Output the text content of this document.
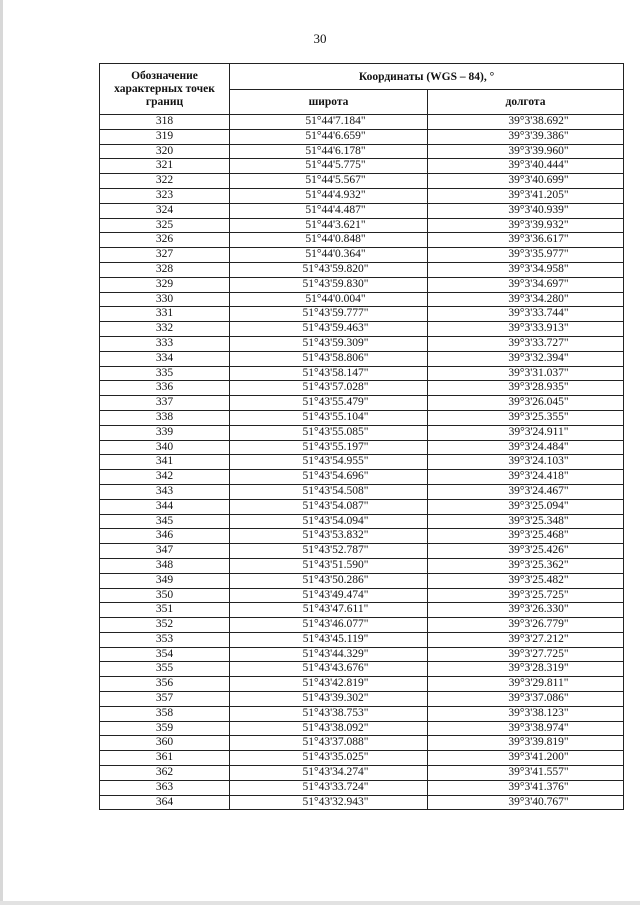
30
Обозначение характерных точек границ	Координаты (WGS – 84), °	
	широта	долгота
318	51°44'7.184"	39°3'38.692"
319	51°44'6.659"	39°3'39.386"
320	51°44'6.178"	39°3'39.960"
321	51°44'5.775"	39°3'40.444"
322	51°44'5.567"	39°3'40.699"
323	51°44'4.932"	39°3'41.205"
324	51°44'4.487"	39°3'40.939"
325	51°44'3.621"	39°3'39.932"
326	51°44'0.848"	39°3'36.617"
327	51°44'0.364"	39°3'35.977"
328	51°43'59.820"	39°3'34.958"
329	51°43'59.830"	39°3'34.697"
330	51°44'0.004"	39°3'34.280"
331	51°43'59.777"	39°3'33.744"
332	51°43'59.463"	39°3'33.913"
333	51°43'59.309"	39°3'33.727"
334	51°43'58.806"	39°3'32.394"
335	51°43'58.147"	39°3'31.037"
336	51°43'57.028"	39°3'28.935"
337	51°43'55.479"	39°3'26.045"
338	51°43'55.104"	39°3'25.355"
339	51°43'55.085"	39°3'24.911"
340	51°43'55.197"	39°3'24.484"
341	51°43'54.955"	39°3'24.103"
342	51°43'54.696"	39°3'24.418"
343	51°43'54.508"	39°3'24.467"
344	51°43'54.087"	39°3'25.094"
345	51°43'54.094"	39°3'25.348"
346	51°43'53.832"	39°3'25.468"
347	51°43'52.787"	39°3'25.426"
348	51°43'51.590"	39°3'25.362"
349	51°43'50.286"	39°3'25.482"
350	51°43'49.474"	39°3'25.725"
351	51°43'47.611"	39°3'26.330"
352	51°43'46.077"	39°3'26.779"
353	51°43'45.119"	39°3'27.212"
354	51°43'44.329"	39°3'27.725"
355	51°43'43.676"	39°3'28.319"
356	51°43'42.819"	39°3'29.811"
357	51°43'39.302"	39°3'37.086"
358	51°43'38.753"	39°3'38.123"
359	51°43'38.092"	39°3'38.974"
360	51°43'37.088"	39°3'39.819"
361	51°43'35.025"	39°3'41.200"
362	51°43'34.274"	39°3'41.557"
363	51°43'33.724"	39°3'41.376"
364	51°43'32.943"	39°3'40.767"
